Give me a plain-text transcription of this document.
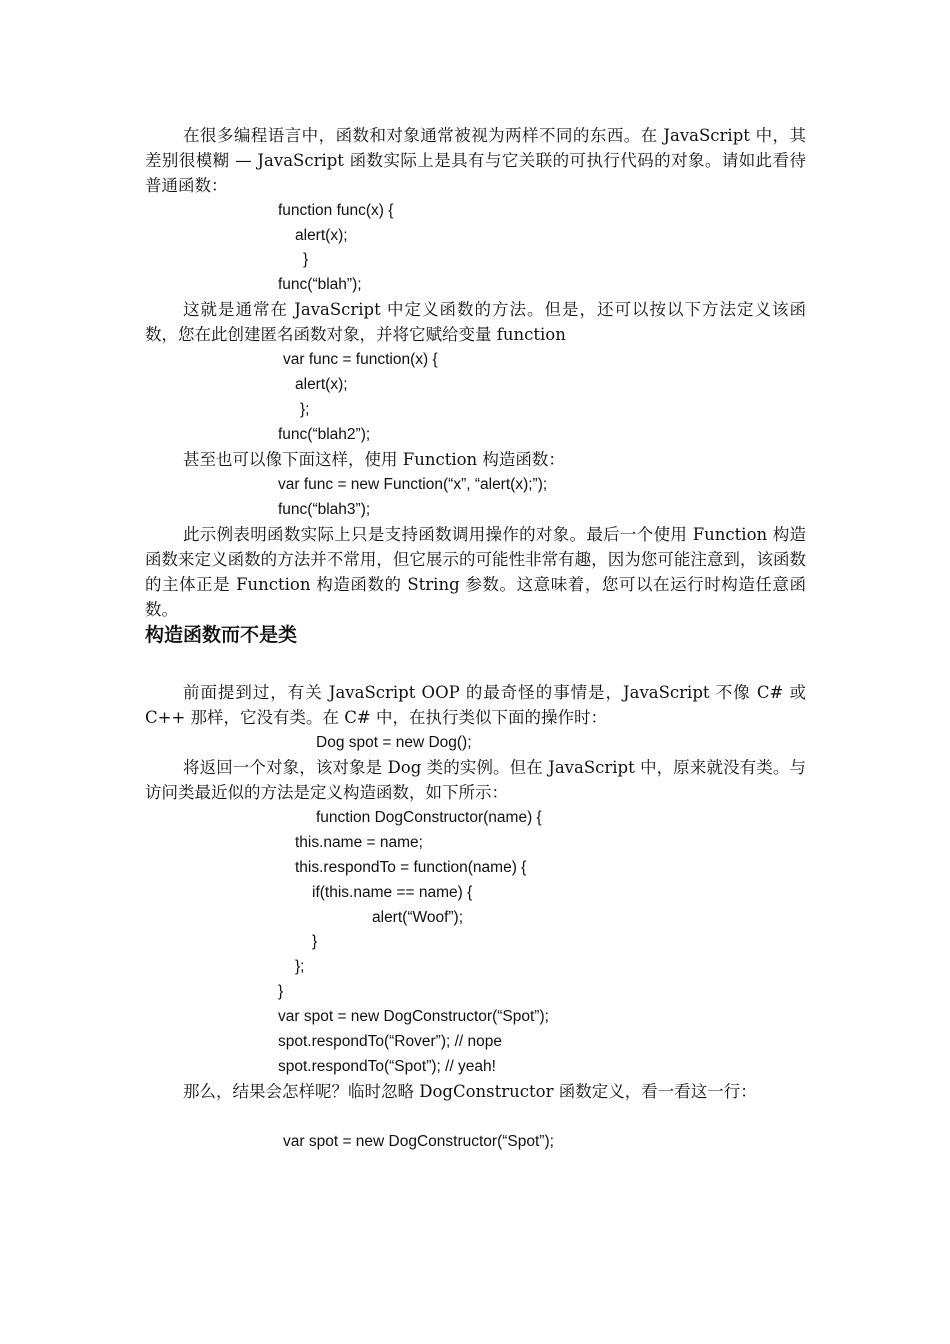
在很多编程语言中，函数和对象通常被视为两样不同的东西。在 JavaScript 中，其差别很模糊 — JavaScript 函数实际上是具有与它关联的可执行代码的对象。请如此看待普通函数：
function func(x) {
alert(x);
}
func(“blah”);
这就是通常在 JavaScript 中定义函数的方法。但是，还可以按以下方法定义该函数，您在此创建匿名函数对象，并将它赋给变量 function
var func = function(x) {
alert(x);
};
func(“blah2”);
甚至也可以像下面这样，使用 Function 构造函数：
var func = new Function(“x”, “alert(x);”);
func(“blah3”);
此示例表明函数实际上只是支持函数调用操作的对象。最后一个使用 Function 构造函数来定义函数的方法并不常用，但它展示的可能性非常有趣，因为您可能注意到，该函数的主体正是 Function 构造函数的 String 参数。这意味着，您可以在运行时构造任意函数。
构造函数而不是类
前面提到过，有关 JavaScript OOP 的最奇怪的事情是，JavaScript 不像 C# 或 C++ 那样，它没有类。在 C# 中，在执行类似下面的操作时：
Dog spot = new Dog();
将返回一个对象，该对象是 Dog 类的实例。但在 JavaScript 中，原来就没有类。与访问类最近似的方法是定义构造函数，如下所示：
function DogConstructor(name) {
this.name = name;
this.respondTo = function(name) {
if(this.name == name) {
alert(“Woof”);
}
};
}
var spot = new DogConstructor(“Spot”);
spot.respondTo(“Rover”); // nope
spot.respondTo(“Spot”); // yeah!
那么，结果会怎样呢？临时忽略 DogConstructor 函数定义，看一看这一行：
var spot = new DogConstructor(“Spot”);
